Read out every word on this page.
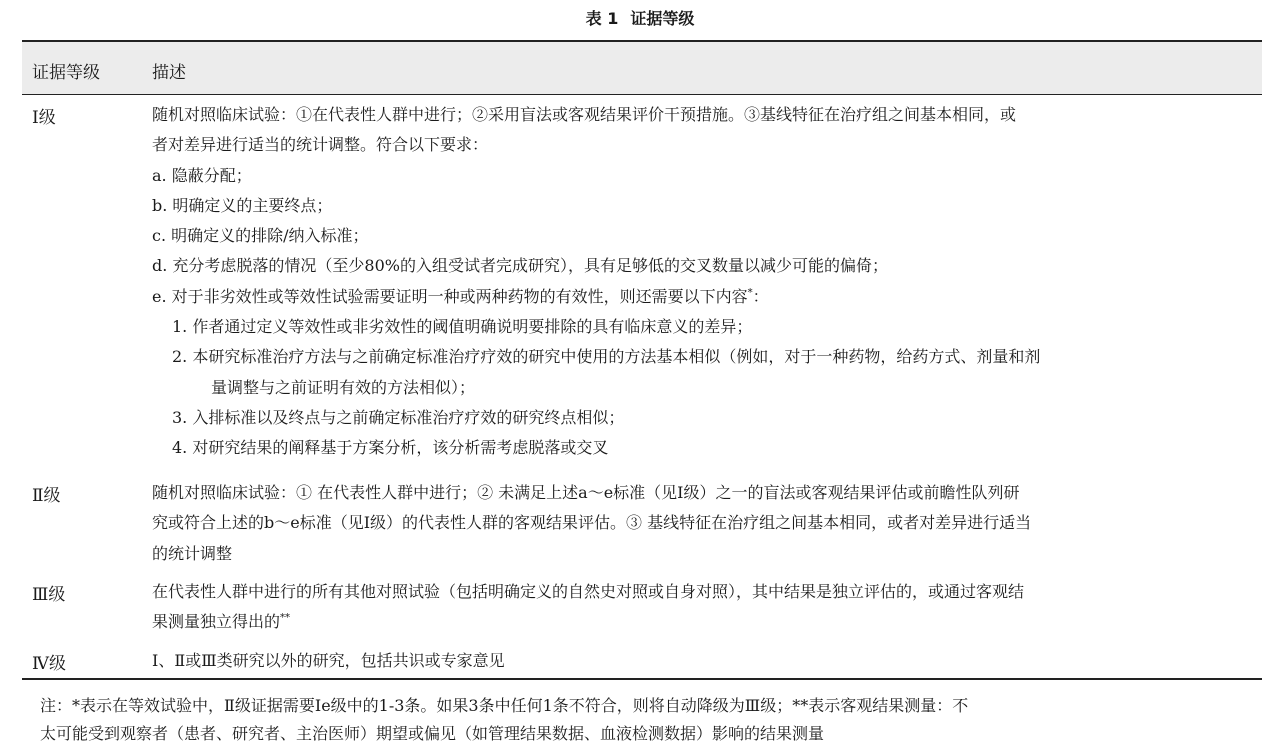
表 1 证据等级
证据等级	描述
Ⅰ级	随机对照临床试验：①在代表性人群中进行；②采用盲法或客观结果评价干预措施。③基线特征在治疗组之间基本相同，或
者对差异进行适当的统计调整。符合以下要求：
a. 隐蔽分配；
b. 明确定义的主要终点；
c. 明确定义的排除/纳入标准；
d. 充分考虑脱落的情况（至少80%的入组受试者完成研究），具有足够低的交叉数量以减少可能的偏倚；
e. 对于非劣效性或等效性试验需要证明一种或两种药物的有效性，则还需要以下内容*：
1. 作者通过定义等效性或非劣效性的阈值明确说明要排除的具有临床意义的差异；
2. 本研究标准治疗方法与之前确定标准治疗疗效的研究中使用的方法基本相似（例如，对于一种药物，给药方式、剂量和剂
量调整与之前证明有效的方法相似）；
3. 入排标准以及终点与之前确定标准治疗疗效的研究终点相似；
4. 对研究结果的阐释基于方案分析，该分析需考虑脱落或交叉
Ⅱ级	随机对照临床试验：① 在代表性人群中进行；② 未满足上述a～e标准（见Ⅰ级）之一的盲法或客观结果评估或前瞻性队列研
究或符合上述的b～e标准（见Ⅰ级）的代表性人群的客观结果评估。③ 基线特征在治疗组之间基本相同，或者对差异进行适当
的统计调整
Ⅲ级	在代表性人群中进行的所有其他对照试验（包括明确定义的自然史对照或自身对照），其中结果是独立评估的，或通过客观结
果测量独立得出的**
Ⅳ级	Ⅰ、Ⅱ或Ⅲ类研究以外的研究，包括共识或专家意见
注：*表示在等效试验中，Ⅱ级证据需要Ⅰe级中的1-3条。如果3条中任何1条不符合，则将自动降级为Ⅲ级；**表示客观结果测量：不
太可能受到观察者（患者、研究者、主治医师）期望或偏见（如管理结果数据、血液检测数据）影响的结果测量
